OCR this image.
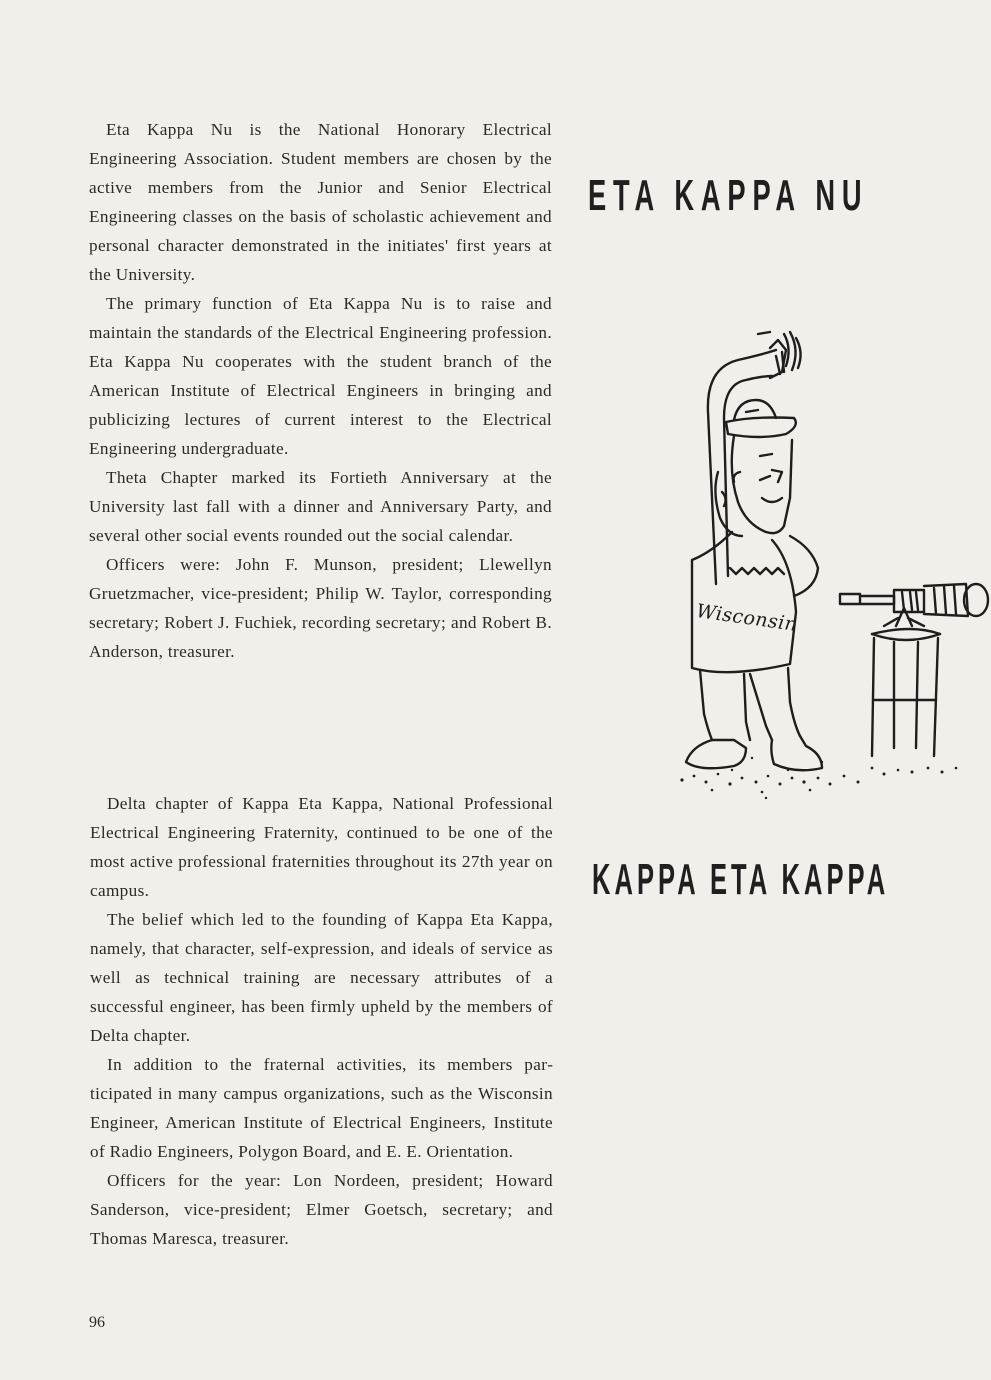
Eta Kappa Nu is the National Honorary Electrical Engineering Association. Student members are chosen by the active members from the Junior and Senior Electrical Engineering classes on the basis of scholastic achievement and personal character demonstrated in the initiates' first years at the University.

The primary function of Eta Kappa Nu is to raise and maintain the standards of the Electrical Engineering profession. Eta Kappa Nu cooperates with the student branch of the American Institute of Electrical Engineers in bringing and publicizing lectures of current interest to the Electrical Engineering undergraduate.

Theta Chapter marked its Fortieth Anniversary at the University last fall with a dinner and Anniversary Party, and several other social events rounded out the social calendar.

Officers were: John F. Munson, president; Llewellyn Gruetzmacher, vice-president; Philip W. Taylor, corresponding secretary; Robert J. Fuchiek, recording secretary; and Robert B. Anderson, treasurer.

ETA KAPPA NU
Wisconsin

Delta chapter of Kappa Eta Kappa, National Professional Electrical Engineering Fraternity, continued to be one of the most active professional fraternities throughout its 27th year on campus.

The belief which led to the founding of Kappa Eta Kappa, namely, that character, self-expression, and ideals of service as well as technical training are necessary attributes of a successful engineer, has been firmly upheld by the members of Delta chapter.

In addition to the fraternal activities, its members participated in many campus organizations, such as the Wisconsin Engineer, American Institute of Electrical Engineers, Institute of Radio Engineers, Polygon Board, and E. E. Orientation.

Officers for the year: Lon Nordeen, president; Howard Sanderson, vice-president; Elmer Goetsch, secretary; and Thomas Maresca, treasurer.

KAPPA ETA KAPPA
96
